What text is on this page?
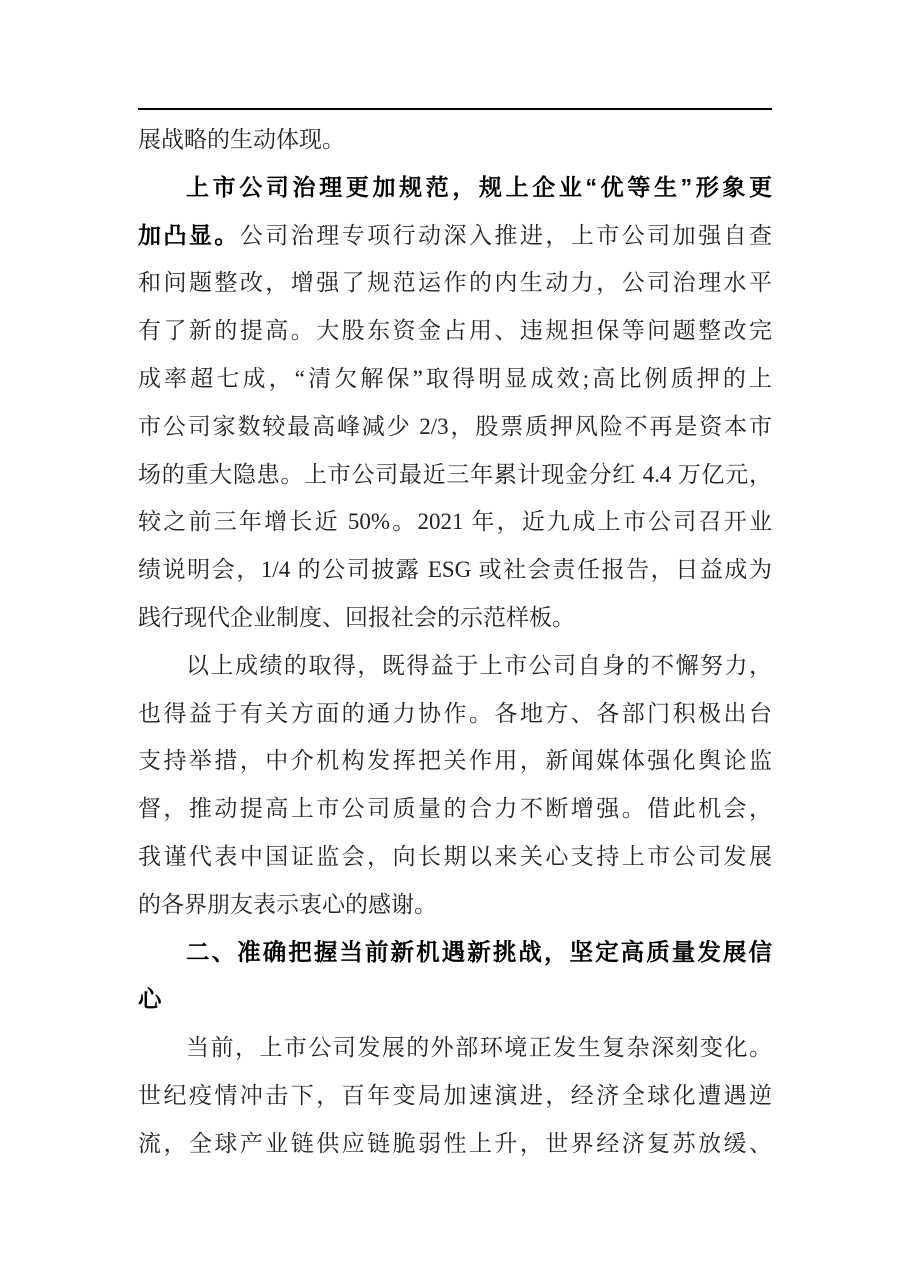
展战略的生动体现。
上市公司治理更加规范，规上企业“优等生”形象更
加凸显。公司治理专项行动深入推进，上市公司加强自查
和问题整改，增强了规范运作的内生动力，公司治理水平
有了新的提高。大股东资金占用、违规担保等问题整改完
成率超七成，“清欠解保”取得明显成效;高比例质押的上
市公司家数较最高峰减少 2/3，股票质押风险不再是资本市
场的重大隐患。上市公司最近三年累计现金分红 4.4 万亿元，
较之前三年增长近 50%。2021 年，近九成上市公司召开业
绩说明会，1/4 的公司披露 ESG 或社会责任报告，日益成为
践行现代企业制度、回报社会的示范样板。
以上成绩的取得，既得益于上市公司自身的不懈努力，
也得益于有关方面的通力协作。各地方、各部门积极出台
支持举措，中介机构发挥把关作用，新闻媒体强化舆论监
督，推动提高上市公司质量的合力不断增强。借此机会，
我谨代表中国证监会，向长期以来关心支持上市公司发展
的各界朋友表示衷心的感谢。
二、准确把握当前新机遇新挑战，坚定高质量发展信
心
当前，上市公司发展的外部环境正发生复杂深刻变化。
世纪疫情冲击下，百年变局加速演进，经济全球化遭遇逆
流，全球产业链供应链脆弱性上升，世界经济复苏放缓、
